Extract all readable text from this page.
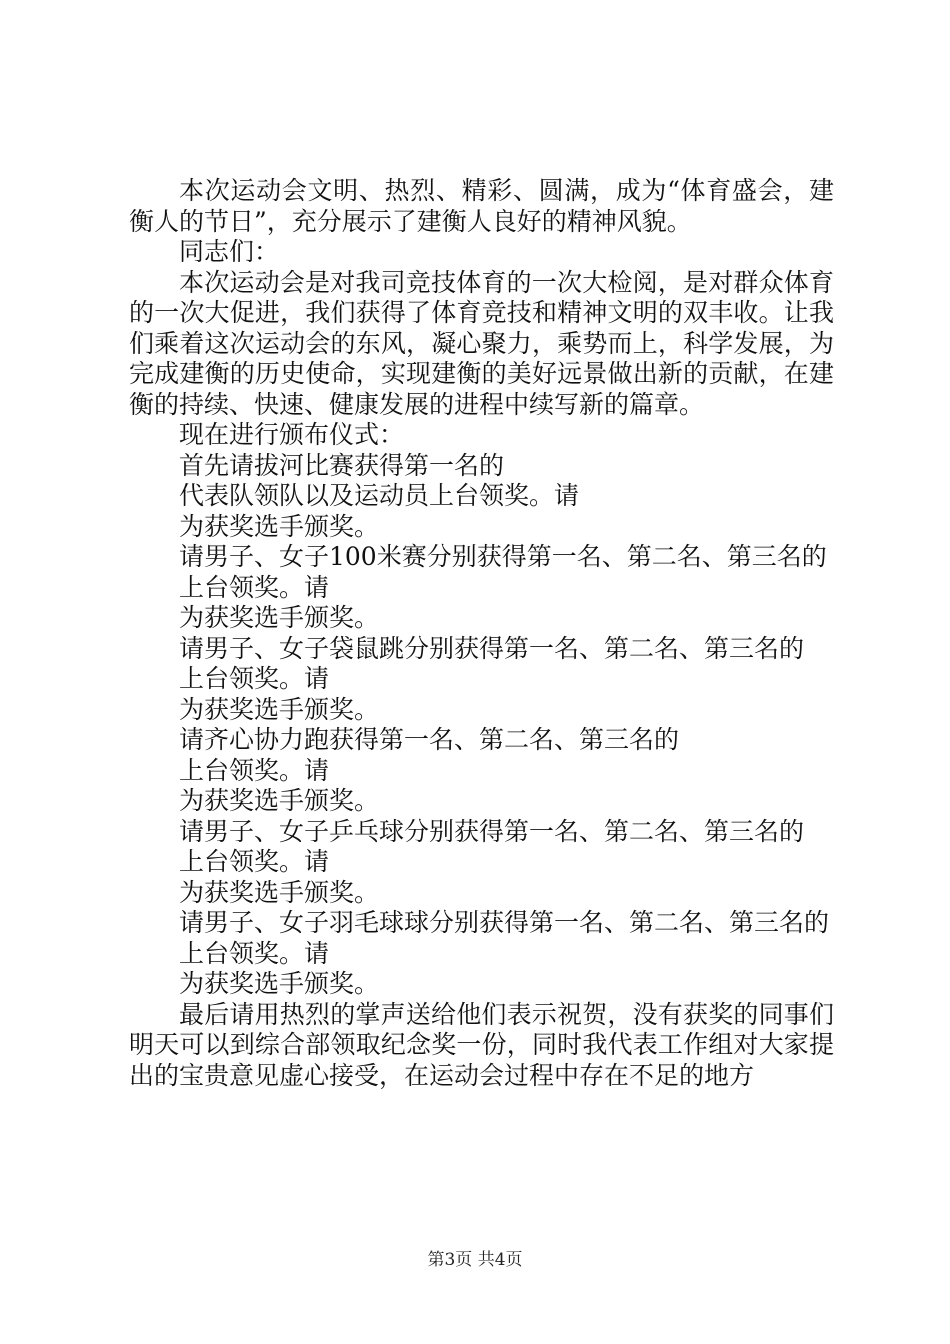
本次运动会文明、热烈、精彩、圆满，成为“体育盛会，建衡人的节日”，充分展示了建衡人良好的精神风貌。

同志们：

本次运动会是对我司竞技体育的一次大检阅，是对群众体育的一次大促进，我们获得了体育竞技和精神文明的双丰收。让我们乘着这次运动会的东风，凝心聚力，乘势而上，科学发展，为完成建衡的历史使命，实现建衡的美好远景做出新的贡献，在建衡的持续、快速、健康发展的进程中续写新的篇章。

现在进行颁布仪式：

首先请拔河比赛获得第一名的

代表队领队以及运动员上台领奖。请

为获奖选手颁奖。

请男子、女子100米赛分别获得第一名、第二名、第三名的

上台领奖。请

为获奖选手颁奖。

请男子、女子袋鼠跳分别获得第一名、第二名、第三名的

上台领奖。请

为获奖选手颁奖。

请齐心协力跑获得第一名、第二名、第三名的

上台领奖。请

为获奖选手颁奖。

请男子、女子乒乓球分别获得第一名、第二名、第三名的

上台领奖。请

为获奖选手颁奖。

请男子、女子羽毛球球分别获得第一名、第二名、第三名的

上台领奖。请

为获奖选手颁奖。

最后请用热烈的掌声送给他们表示祝贺，没有获奖的同事们明天可以到综合部领取纪念奖一份，同时我代表工作组对大家提出的宝贵意见虚心接受，在运动会过程中存在不足的地方

第3页 共4页
